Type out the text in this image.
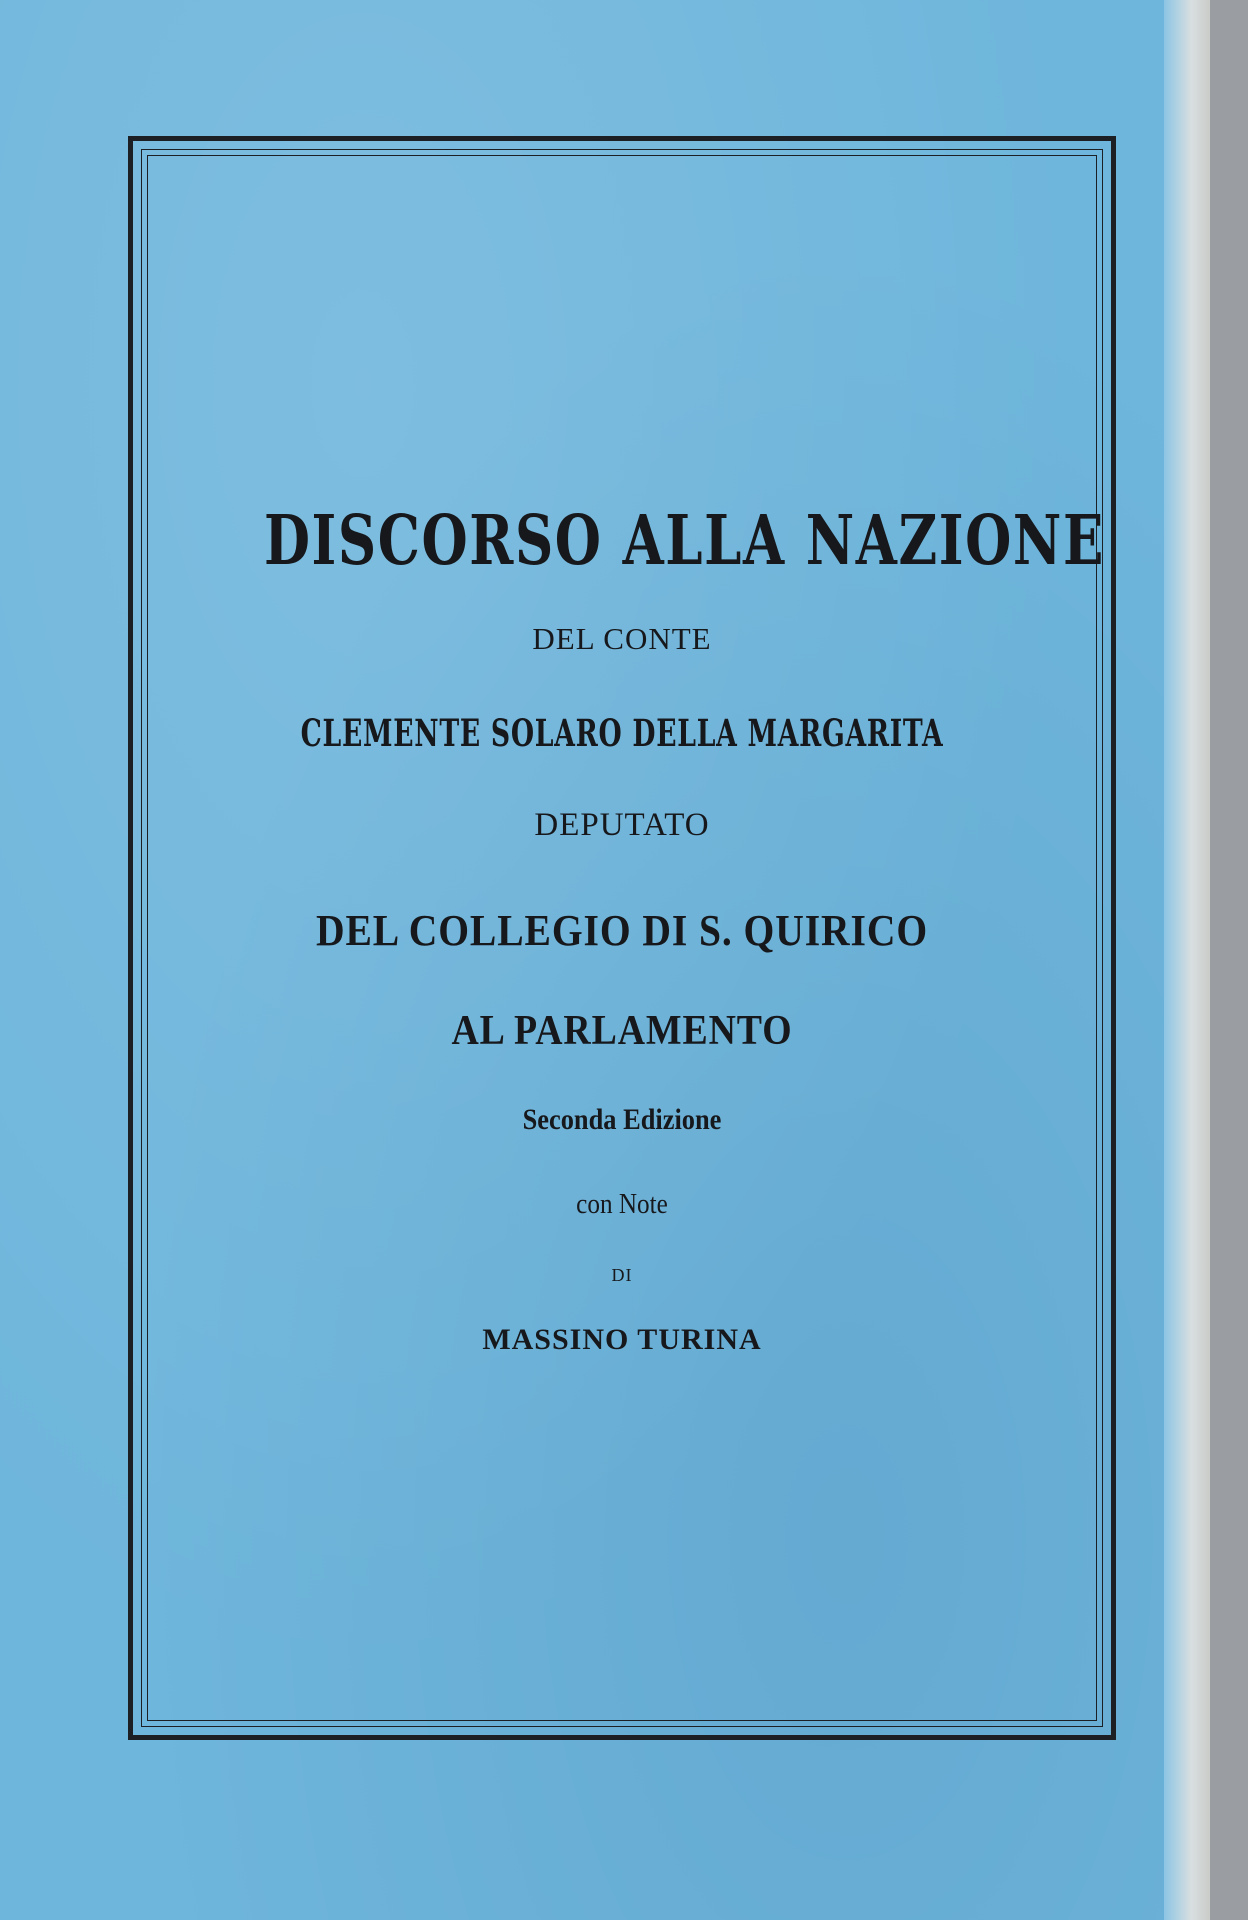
DISCORSO ALLA NAZIONE
DEL CONTE
CLEMENTE SOLARO DELLA MARGARITA
DEPUTATO
DEL COLLEGIO DI S. QUIRICO
AL PARLAMENTO
Seconda Edizione
con Note
DI
MASSINO TURINA
